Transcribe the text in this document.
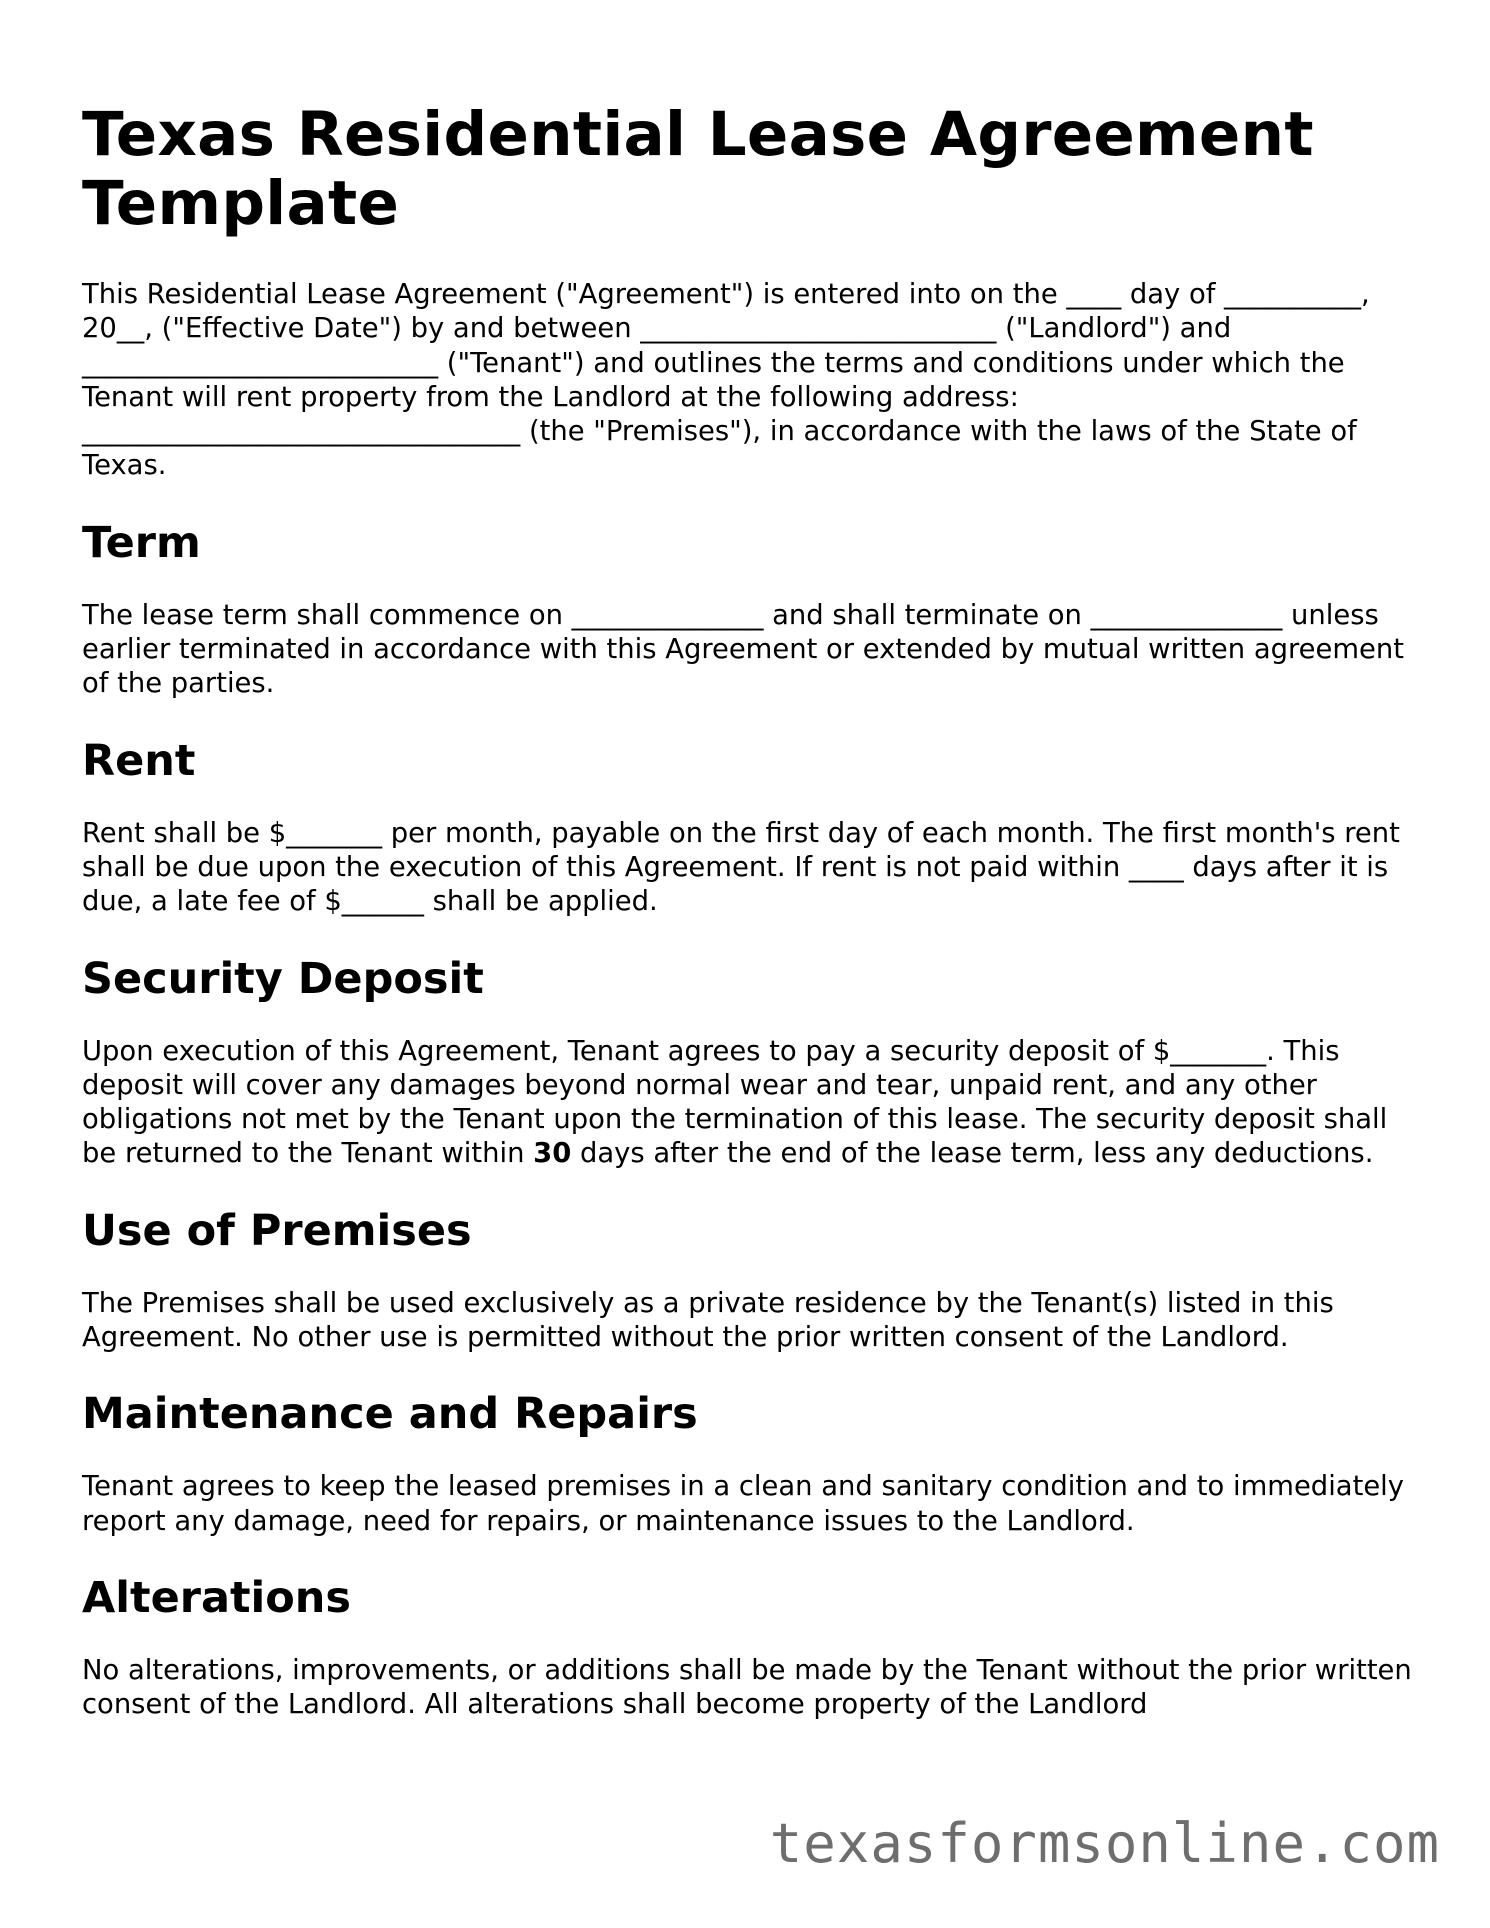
Texas Residential Lease Agreement Template

This Residential Lease Agreement ("Agreement") is entered into on the ____ day of __________, 20__, ("Effective Date") by and between __________________________ ("Landlord") and __________________________ ("Tenant") and outlines the terms and conditions under which the Tenant will rent property from the Landlord at the following address: ________________________________ (the "Premises"), in accordance with the laws of the State of Texas.

Term

The lease term shall commence on ______________ and shall terminate on ______________ unless earlier terminated in accordance with this Agreement or extended by mutual written agreement of the parties.

Rent

Rent shall be $_______ per month, payable on the first day of each month. The first month's rent shall be due upon the execution of this Agreement. If rent is not paid within ____ days after it is due, a late fee of $______ shall be applied.

Security Deposit

Upon execution of this Agreement, Tenant agrees to pay a security deposit of $_______. This deposit will cover any damages beyond normal wear and tear, unpaid rent, and any other obligations not met by the Tenant upon the termination of this lease. The security deposit shall be returned to the Tenant within 30 days after the end of the lease term, less any deductions.

Use of Premises

The Premises shall be used exclusively as a private residence by the Tenant(s) listed in this Agreement. No other use is permitted without the prior written consent of the Landlord.

Maintenance and Repairs

Tenant agrees to keep the leased premises in a clean and sanitary condition and to immediately report any damage, need for repairs, or maintenance issues to the Landlord.

Alterations

No alterations, improvements, or additions shall be made by the Tenant without the prior written consent of the Landlord. All alterations shall become property of the Landlord

texasformsonline.com
